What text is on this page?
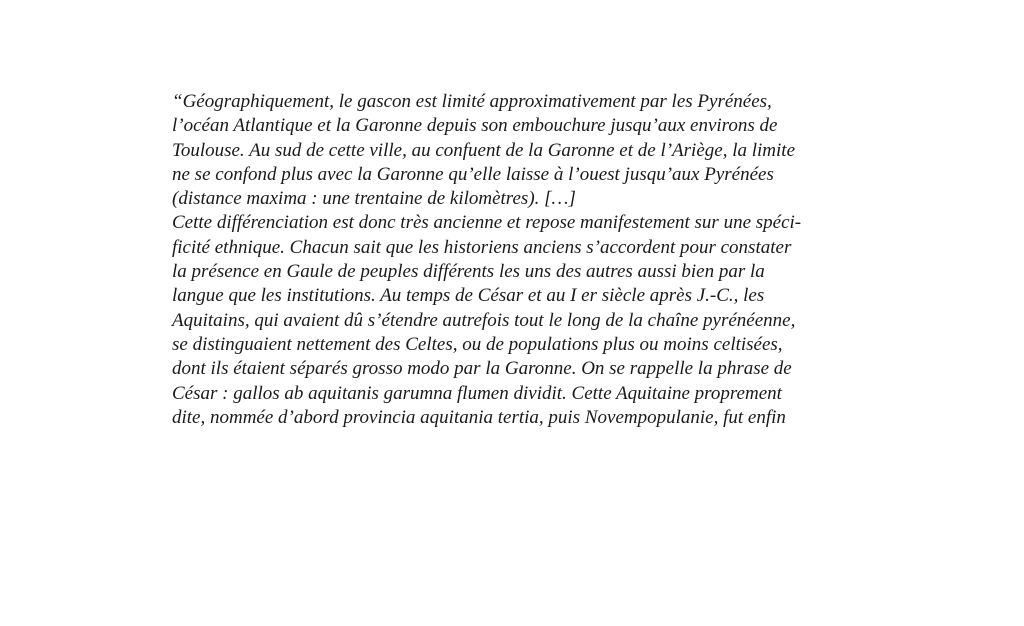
“Géographiquement, le gascon est limité approximativement par les Pyrénées,
l’océan Atlantique et la Garonne depuis son embouchure jusqu’aux environs de
Toulouse. Au sud de cette ville, au confuent de la Garonne et de l’Ariège, la limite
ne se confond plus avec la Garonne qu’elle laisse à l’ouest jusqu’aux Pyrénées
(distance maxima : une trentaine de kilomètres). […]
Cette différenciation est donc très ancienne et repose manifestement sur une spéci-
ficité ethnique. Chacun sait que les historiens anciens s’accordent pour constater
la présence en Gaule de peuples différents les uns des autres aussi bien par la
langue que les institutions. Au temps de César et au I er siècle après J.-C., les
Aquitains, qui avaient dû s’étendre autrefois tout le long de la chaîne pyrénéenne,
se distinguaient nettement des Celtes, ou de populations plus ou moins celtisées,
dont ils étaient séparés grosso modo par la Garonne. On se rappelle la phrase de
César : gallos ab aquitanis garumna flumen dividit. Cette Aquitaine proprement
dite, nommée d’abord provincia aquitania tertia, puis Novempopulanie, fut enfin
